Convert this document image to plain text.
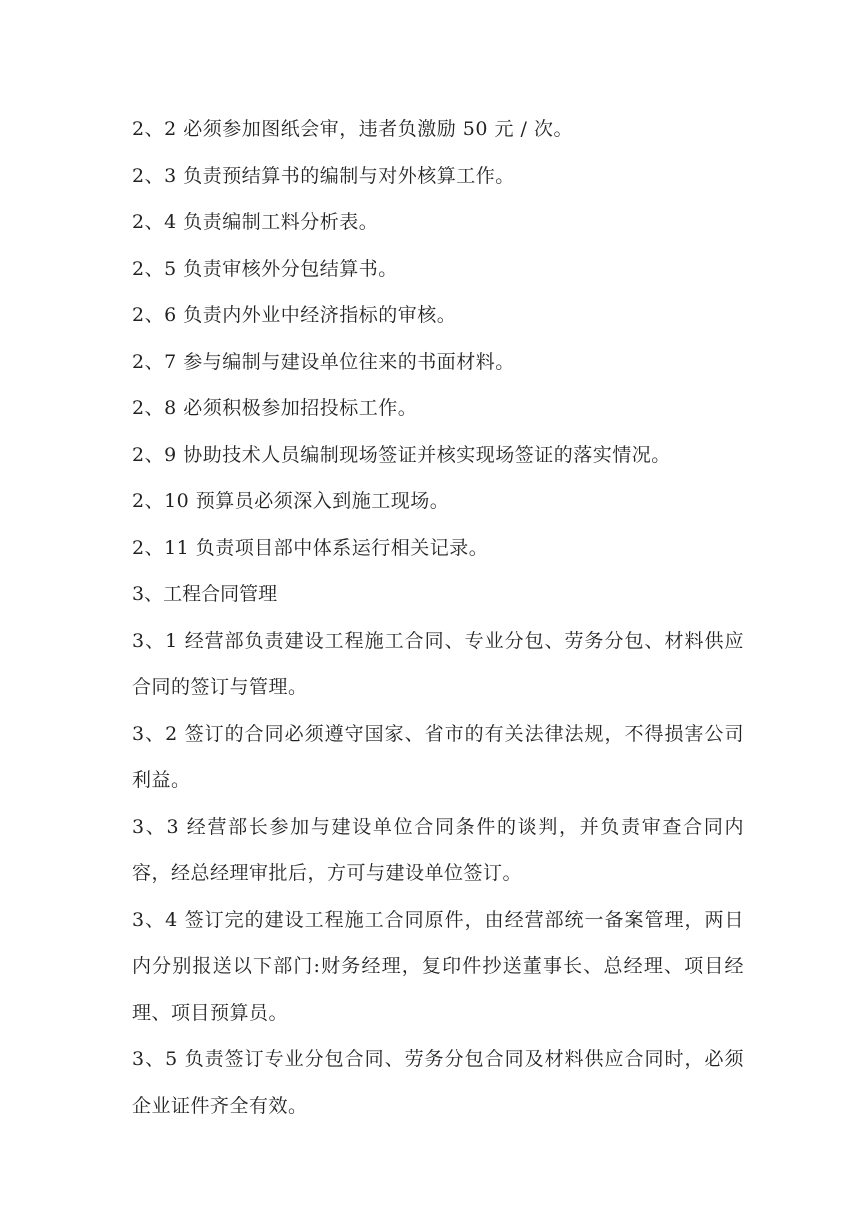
2、2 必须参加图纸会审，违者负激励 50 元 / 次。

2、3 负责预结算书的编制与对外核算工作。

2、4 负责编制工料分析表。

2、5 负责审核外分包结算书。

2、6 负责内外业中经济指标的审核。

2、7 参与编制与建设单位往来的书面材料。

2、8 必须积极参加招投标工作。

2、9 协助技术人员编制现场签证并核实现场签证的落实情况。

2、10 预算员必须深入到施工现场。

2、11 负责项目部中体系运行相关记录。

3、工程合同管理

3、1 经营部负责建设工程施工合同、专业分包、劳务分包、材料供应合同的签订与管理。

3、2 签订的合同必须遵守国家、省市的有关法律法规，不得损害公司利益。

3、3 经营部长参加与建设单位合同条件的谈判，并负责审查合同内容，经总经理审批后，方可与建设单位签订。

3、4 签订完的建设工程施工合同原件，由经营部统一备案管理，两日内分别报送以下部门:财务经理，复印件抄送董事长、总经理、项目经理、项目预算员。

3、5 负责签订专业分包合同、劳务分包合同及材料供应合同时，必须企业证件齐全有效。
